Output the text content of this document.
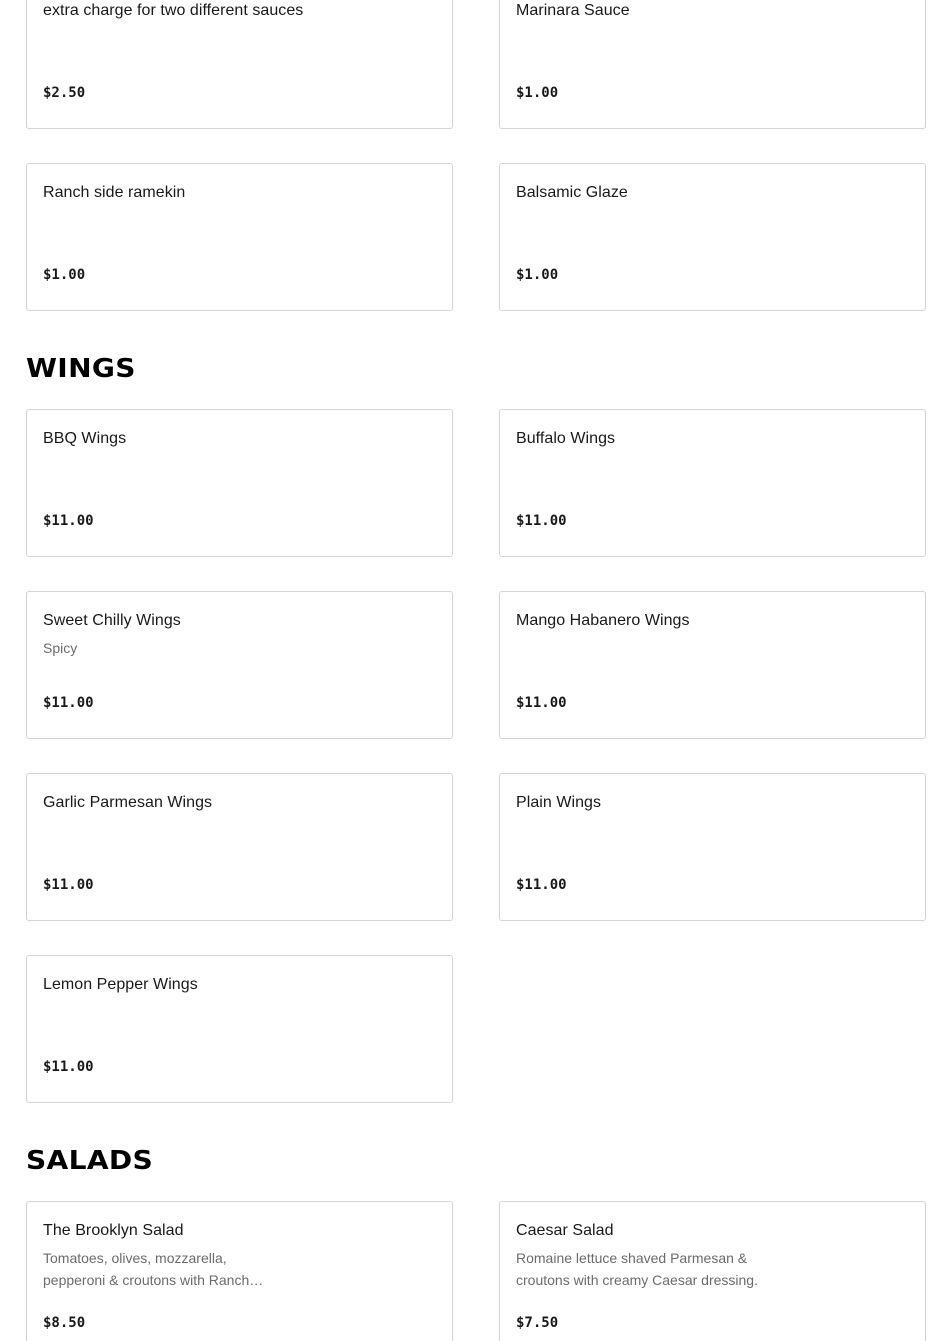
extra charge for two different sauces
$2.50
Marinara Sauce
$1.00
Ranch side ramekin
$1.00
Balsamic Glaze
$1.00
WINGS
BBQ Wings
$11.00
Buffalo Wings
$11.00
Sweet Chilly Wings
Spicy
$11.00
Mango Habanero Wings
$11.00
Garlic Parmesan Wings
$11.00
Plain Wings
$11.00
Lemon Pepper Wings
$11.00
SALADS
The Brooklyn Salad
Tomatoes, olives, mozzarella, pepperoni & croutons with Ranch…
$8.50
Caesar Salad
Romaine lettuce shaved Parmesan & croutons with creamy Caesar dressing.
$7.50
